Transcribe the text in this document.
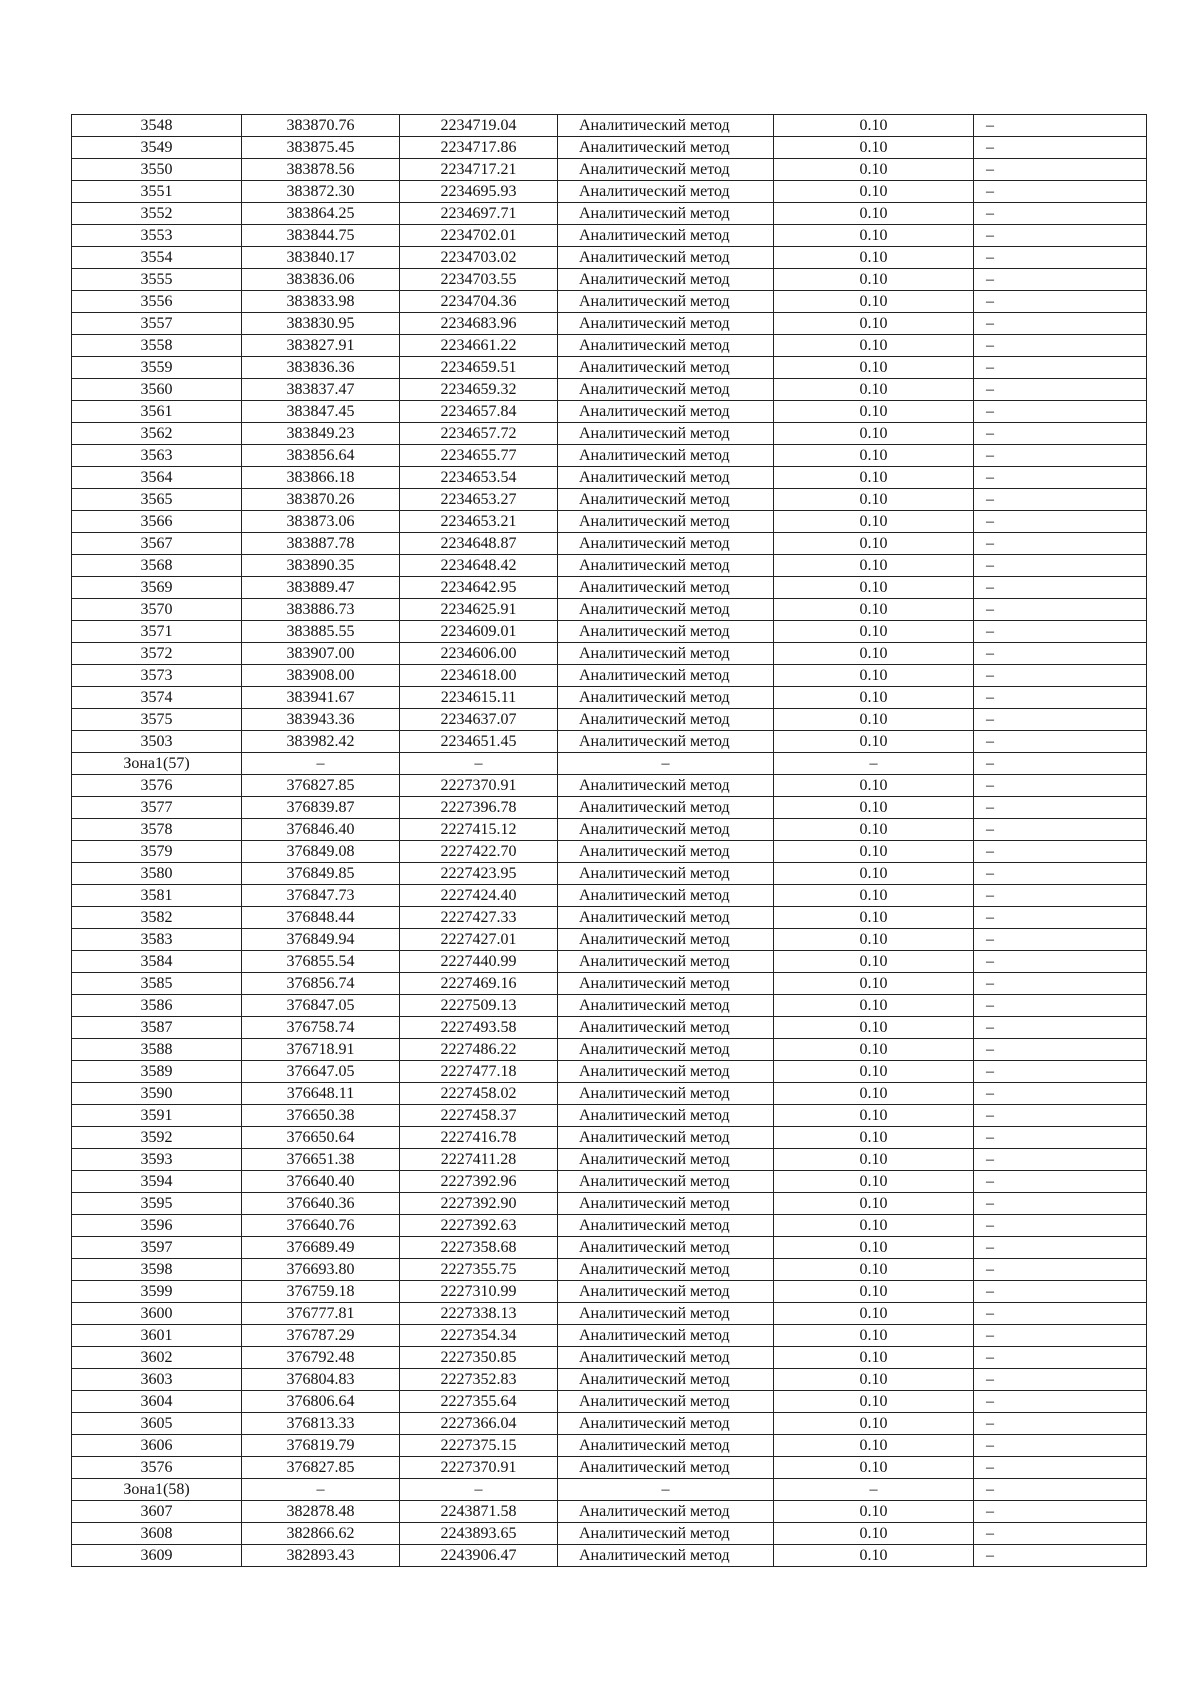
3548	383870.76	2234719.04	Аналитический метод	0.10	–
3549	383875.45	2234717.86	Аналитический метод	0.10	–
3550	383878.56	2234717.21	Аналитический метод	0.10	–
3551	383872.30	2234695.93	Аналитический метод	0.10	–
3552	383864.25	2234697.71	Аналитический метод	0.10	–
3553	383844.75	2234702.01	Аналитический метод	0.10	–
3554	383840.17	2234703.02	Аналитический метод	0.10	–
3555	383836.06	2234703.55	Аналитический метод	0.10	–
3556	383833.98	2234704.36	Аналитический метод	0.10	–
3557	383830.95	2234683.96	Аналитический метод	0.10	–
3558	383827.91	2234661.22	Аналитический метод	0.10	–
3559	383836.36	2234659.51	Аналитический метод	0.10	–
3560	383837.47	2234659.32	Аналитический метод	0.10	–
3561	383847.45	2234657.84	Аналитический метод	0.10	–
3562	383849.23	2234657.72	Аналитический метод	0.10	–
3563	383856.64	2234655.77	Аналитический метод	0.10	–
3564	383866.18	2234653.54	Аналитический метод	0.10	–
3565	383870.26	2234653.27	Аналитический метод	0.10	–
3566	383873.06	2234653.21	Аналитический метод	0.10	–
3567	383887.78	2234648.87	Аналитический метод	0.10	–
3568	383890.35	2234648.42	Аналитический метод	0.10	–
3569	383889.47	2234642.95	Аналитический метод	0.10	–
3570	383886.73	2234625.91	Аналитический метод	0.10	–
3571	383885.55	2234609.01	Аналитический метод	0.10	–
3572	383907.00	2234606.00	Аналитический метод	0.10	–
3573	383908.00	2234618.00	Аналитический метод	0.10	–
3574	383941.67	2234615.11	Аналитический метод	0.10	–
3575	383943.36	2234637.07	Аналитический метод	0.10	–
3503	383982.42	2234651.45	Аналитический метод	0.10	–
Зона1(57)	–	–	–	–	–
3576	376827.85	2227370.91	Аналитический метод	0.10	–
3577	376839.87	2227396.78	Аналитический метод	0.10	–
3578	376846.40	2227415.12	Аналитический метод	0.10	–
3579	376849.08	2227422.70	Аналитический метод	0.10	–
3580	376849.85	2227423.95	Аналитический метод	0.10	–
3581	376847.73	2227424.40	Аналитический метод	0.10	–
3582	376848.44	2227427.33	Аналитический метод	0.10	–
3583	376849.94	2227427.01	Аналитический метод	0.10	–
3584	376855.54	2227440.99	Аналитический метод	0.10	–
3585	376856.74	2227469.16	Аналитический метод	0.10	–
3586	376847.05	2227509.13	Аналитический метод	0.10	–
3587	376758.74	2227493.58	Аналитический метод	0.10	–
3588	376718.91	2227486.22	Аналитический метод	0.10	–
3589	376647.05	2227477.18	Аналитический метод	0.10	–
3590	376648.11	2227458.02	Аналитический метод	0.10	–
3591	376650.38	2227458.37	Аналитический метод	0.10	–
3592	376650.64	2227416.78	Аналитический метод	0.10	–
3593	376651.38	2227411.28	Аналитический метод	0.10	–
3594	376640.40	2227392.96	Аналитический метод	0.10	–
3595	376640.36	2227392.90	Аналитический метод	0.10	–
3596	376640.76	2227392.63	Аналитический метод	0.10	–
3597	376689.49	2227358.68	Аналитический метод	0.10	–
3598	376693.80	2227355.75	Аналитический метод	0.10	–
3599	376759.18	2227310.99	Аналитический метод	0.10	–
3600	376777.81	2227338.13	Аналитический метод	0.10	–
3601	376787.29	2227354.34	Аналитический метод	0.10	–
3602	376792.48	2227350.85	Аналитический метод	0.10	–
3603	376804.83	2227352.83	Аналитический метод	0.10	–
3604	376806.64	2227355.64	Аналитический метод	0.10	–
3605	376813.33	2227366.04	Аналитический метод	0.10	–
3606	376819.79	2227375.15	Аналитический метод	0.10	–
3576	376827.85	2227370.91	Аналитический метод	0.10	–
Зона1(58)	–	–	–	–	–
3607	382878.48	2243871.58	Аналитический метод	0.10	–
3608	382866.62	2243893.65	Аналитический метод	0.10	–
3609	382893.43	2243906.47	Аналитический метод	0.10	–
